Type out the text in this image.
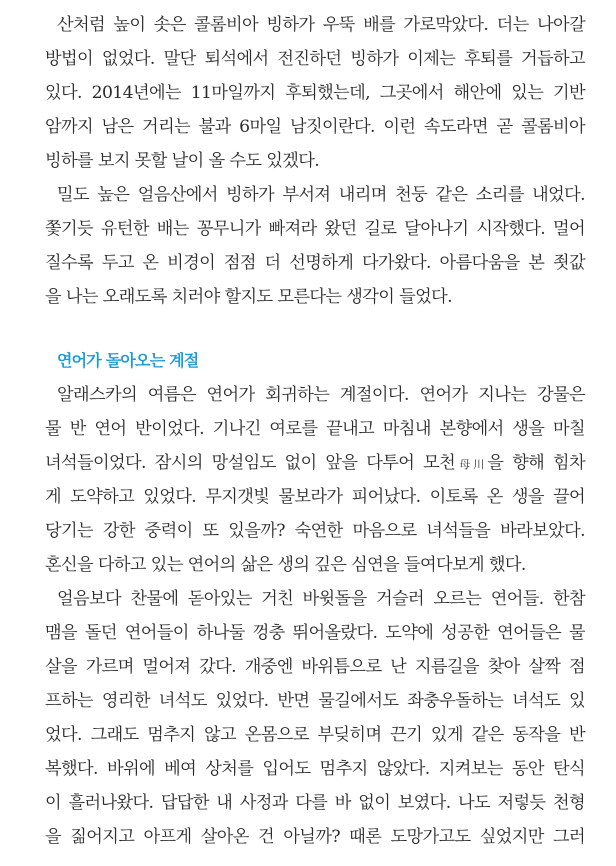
산처럼 높이 솟은 콜롬비아 빙하가 우뚝 배를 가로막았다. 더는 나아갈
방법이 없었다. 말단 퇴석에서 전진하던 빙하가 이제는 후퇴를 거듭하고
있다. 2014년에는 11마일까지 후퇴했는데, 그곳에서 해안에 있는 기반
암까지 남은 거리는 불과 6마일 남짓이란다. 이런 속도라면 곧 콜롬비아
빙하를 보지 못할 날이 올 수도 있겠다.
밀도 높은 얼음산에서 빙하가 부서져 내리며 천둥 같은 소리를 내었다.
쫓기듯 유턴한 배는 꽁무니가 빠져라 왔던 길로 달아나기 시작했다. 멀어
질수록 두고 온 비경이 점점 더 선명하게 다가왔다. 아름다움을 본 죗값
을 나는 오래도록 치러야 할지도 모른다는 생각이 들었다.
연어가 돌아오는 계절
알래스카의 여름은 연어가 회귀하는 계절이다. 연어가 지나는 강물은
물 반 연어 반이었다. 기나긴 여로를 끝내고 마침내 본향에서 생을 마칠
녀석들이었다. 잠시의 망설임도 없이 앞을 다투어 모천母川을 향해 힘차
게 도약하고 있었다. 무지갯빛 물보라가 피어났다. 이토록 온 생을 끌어
당기는 강한 중력이 또 있을까? 숙연한 마음으로 녀석들을 바라보았다.
혼신을 다하고 있는 연어의 삶은 생의 깊은 심연을 들여다보게 했다.
얼음보다 찬물에 돋아있는 거친 바윗돌을 거슬러 오르는 연어들. 한참
맴을 돌던 연어들이 하나둘 껑충 뛰어올랐다. 도약에 성공한 연어들은 물
살을 가르며 멀어져 갔다. 개중엔 바위틈으로 난 지름길을 찾아 살짝 점
프하는 영리한 녀석도 있었다. 반면 물길에서도 좌충우돌하는 녀석도 있
었다. 그래도 멈추지 않고 온몸으로 부딪히며 끈기 있게 같은 동작을 반
복했다. 바위에 베여 상처를 입어도 멈추지 않았다. 지켜보는 동안 탄식
이 흘러나왔다. 답답한 내 사정과 다를 바 없이 보였다. 나도 저렇듯 천형
을 짊어지고 아프게 살아온 건 아닐까? 때론 도망가고도 싶었지만 그러
